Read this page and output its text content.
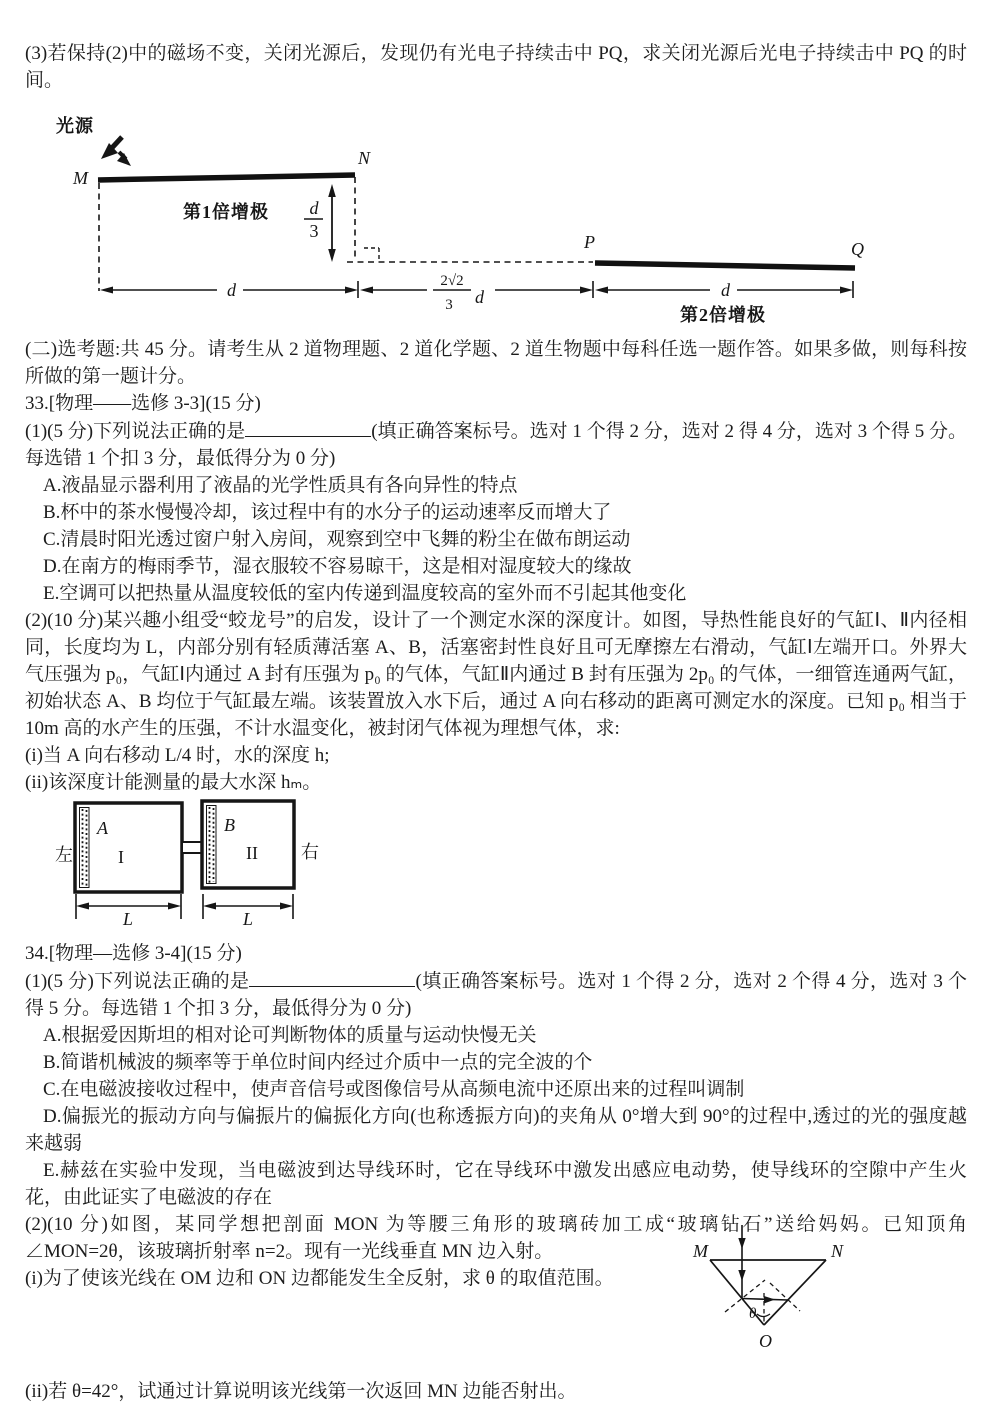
(3)若保持(2)中的磁场不变，关闭光源后，发现仍有光电子持续击中 PQ，求关闭光源后光电子持续击中 PQ 的时间。

光源
M
N
第1倍增极 d
3
P	Q
d	2√2
3 d	d
第2倍增极

(二)选考题:共 45 分。请考生从 2 道物理题、2 道化学题、2 道生物题中每科任选一题作答。如果多做，则每科按所做的第一题计分。

33.[物理——选修 3-3](15 分)

(1)(5 分)下列说法正确的是	(填正确答案标号。选对 1 个得 2 分，选对 2 得 4 分，选对 3 个得 5 分。每选错 1 个扣 3 分，最低得分为 0 分)

A.液晶显示器利用了液晶的光学性质具有各向异性的特点

B.杯中的茶水慢慢冷却，该过程中有的水分子的运动速率反而增大了

C.清晨时阳光透过窗户射入房间，观察到空中飞舞的粉尘在做布朗运动

D.在南方的梅雨季节，湿衣服较不容易晾干，这是相对湿度较大的缘故

E.空调可以把热量从温度较低的室内传递到温度较高的室外而不引起其他变化

(2)(10 分)某兴趣小组受“蛟龙号”的启发，设计了一个测定水深的深度计。如图，导热性能良好的气缸Ⅰ、Ⅱ内径相同，长度均为 L，内部分别有轻质薄活塞 A、B，活塞密封性良好且可无摩擦左右滑动，气缸Ⅰ左端开口。外界大气压强为 p₀，气缸Ⅰ内通过 A 封有压强为 p₀ 的气体，气缸Ⅱ内通过 B 封有压强为 2p₀ 的气体，一细管连通两气缸，初始状态 A、B 均位于气缸最左端。该装置放入水下后，通过 A 向右移动的距离可测定水的深度。已知 p₀ 相当于 10m 高的水产生的压强，不计水温变化，被封闭气体视为理想气体，求:

(i)当 A 向右移动 L/4 时，水的深度 h;

(ii)该深度计能测量的最大水深 hₘ。

左
A
I
B
II 右
L	L

34.[物理—选修 3-4](15 分)

(1)(5 分)下列说法正确的是	(填正确答案标号。选对 1 个得 2 分，选对 2 个得 4 分，选对 3 个得 5 分。每选错 1 个扣 3 分，最低得分为 0 分)

A.根据爱因斯坦的相对论可判断物体的质量与运动快慢无关

B.简谐机械波的频率等于单位时间内经过介质中一点的完全波的个

C.在电磁波接收过程中，使声音信号或图像信号从高频电流中还原出来的过程叫调制

D.偏振光的振动方向与偏振片的偏振化方向(也称透振方向)的夹角从 0°增大到 90°的过程中,透过的光的强度越来越弱

E.赫兹在实验中发现，当电磁波到达导线环时，它在导线环中激发出感应电动势，使导线环的空隙中产生火花，由此证实了电磁波的存在

(2)(10 分)如图，某同学想把剖面 MON 为等腰三角形的玻璃砖加工成“玻璃钻石”送给妈妈。已知顶角∠MON=2θ，该玻璃折射率 n=2。现有一光线垂直 MN 边入射。

(i)为了使该光线在 OM 边和 ON 边都能发生全反射，求 θ 的取值范围。

(ii)若 θ=42°，试通过计算说明该光线第一次返回 MN 边能否射出。

M	N
O
θ
